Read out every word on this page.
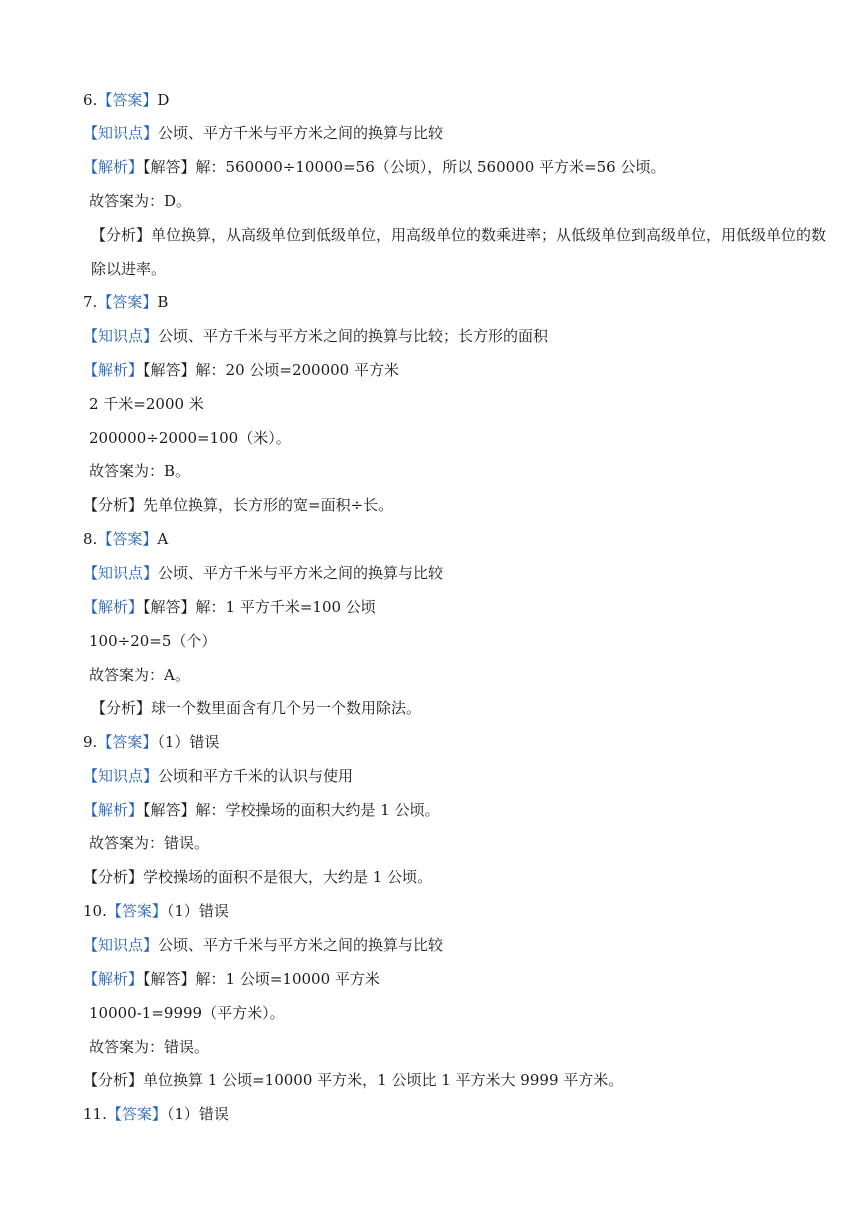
6.【答案】D
【知识点】公顷、平方千米与平方米之间的换算与比较
【解析】【解答】解：560000÷10000=56（公顷），所以 560000 平方米=56 公顷。
故答案为：D。
【分析】单位换算，从高级单位到低级单位，用高级单位的数乘进率；从低级单位到高级单位，用低级单位的数除以进率。
7.【答案】B
【知识点】公顷、平方千米与平方米之间的换算与比较；长方形的面积
【解析】【解答】解：20 公顷=200000 平方米
2 千米=2000 米
200000÷2000=100（米）。
故答案为：B。
【分析】先单位换算，长方形的宽=面积÷长。
8.【答案】A
【知识点】公顷、平方千米与平方米之间的换算与比较
【解析】【解答】解：1 平方千米=100 公顷
100÷20=5（个）
故答案为：A。
【分析】球一个数里面含有几个另一个数用除法。
9.【答案】（1）错误
【知识点】公顷和平方千米的认识与使用
【解析】【解答】解：学校操场的面积大约是 1 公顷。
故答案为：错误。
【分析】学校操场的面积不是很大，大约是 1 公顷。
10.【答案】（1）错误
【知识点】公顷、平方千米与平方米之间的换算与比较
【解析】【解答】解：1 公顷=10000 平方米
10000-1=9999（平方米）。
故答案为：错误。
【分析】单位换算 1 公顷=10000 平方米，1 公顷比 1 平方米大 9999 平方米。
11.【答案】（1）错误
